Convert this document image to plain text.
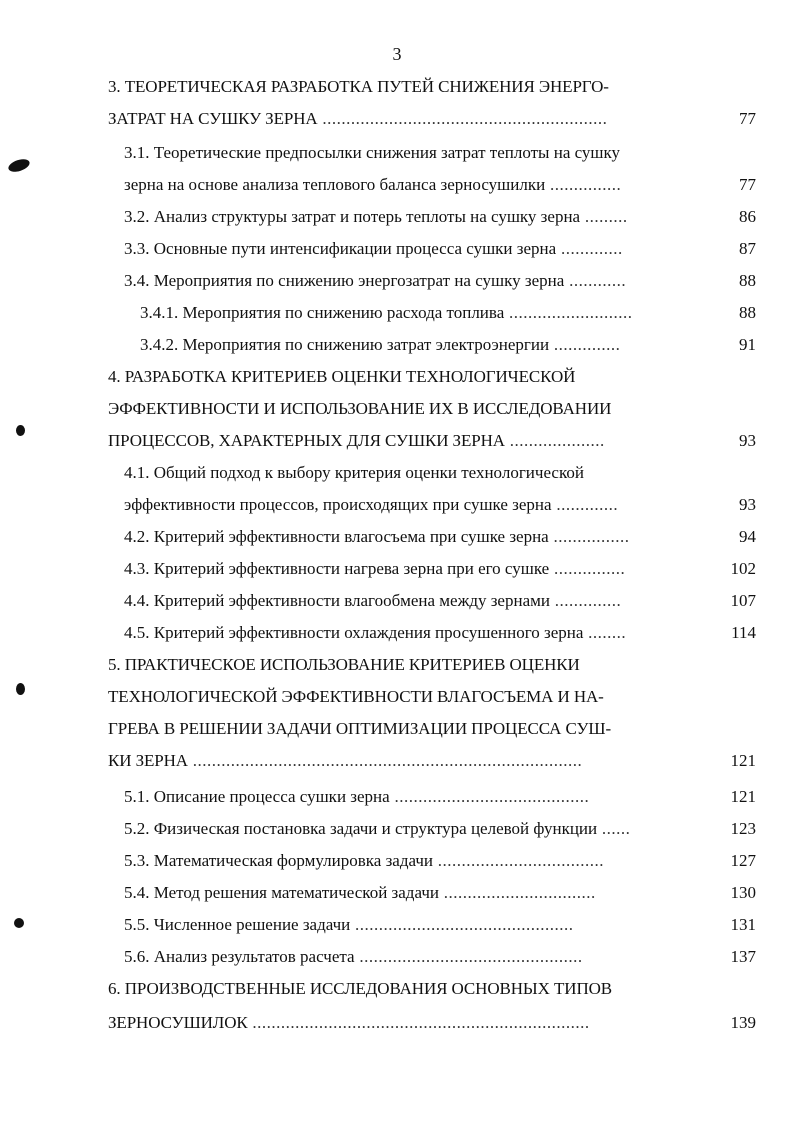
3
3. ТЕОРЕТИЧЕСКАЯ РАЗРАБОТКА ПУТЕЙ СНИЖЕНИЯ ЭНЕРГО-
ЗАТРАТ НА СУШКУ ЗЕРНА ............................................................	77
3.1. Теоретические предпосылки снижения затрат теплоты на сушку
зерна на основе анализа теплового баланса зерносушилки ...............	77
3.2. Анализ структуры затрат и потерь теплоты на сушку зерна .........	86
3.3. Основные пути интенсификации процесса сушки зерна .............	87
3.4. Мероприятия по снижению энергозатрат на сушку зерна ............	88
3.4.1. Мероприятия по снижению расхода топлива ..........................	88
3.4.2. Мероприятия по снижению затрат электроэнергии ..............	91
4. РАЗРАБОТКА КРИТЕРИЕВ ОЦЕНКИ ТЕХНОЛОГИЧЕСКОЙ
ЭФФЕКТИВНОСТИ И ИСПОЛЬЗОВАНИЕ ИХ В ИССЛЕДОВАНИИ
ПРОЦЕССОВ, ХАРАКТЕРНЫХ ДЛЯ СУШКИ ЗЕРНА ....................	93
4.1. Общий подход к выбору критерия оценки технологической
эффективности процессов, происходящих при сушке зерна .............	93
4.2. Критерий эффективности влагосъема при сушке зерна ................	94
4.3. Критерий эффективности нагрева зерна при его сушке ...............	102
4.4. Критерий эффективности влагообмена между зернами ..............	107
4.5. Критерий эффективности охлаждения просушенного зерна ........	114
5. ПРАКТИЧЕСКОЕ ИСПОЛЬЗОВАНИЕ КРИТЕРИЕВ ОЦЕНКИ
ТЕХНОЛОГИЧЕСКОЙ ЭФФЕКТИВНОСТИ ВЛАГОСЪЕМА И НА-
ГРЕВА В РЕШЕНИИ ЗАДАЧИ ОПТИМИЗАЦИИ ПРОЦЕССА СУШ-
КИ ЗЕРНА ..................................................................................	121
5.1. Описание процесса сушки зерна .........................................	121
5.2. Физическая постановка задачи и структура целевой функции ......	123
5.3. Математическая формулировка задачи ...................................	127
5.4. Метод решения математической задачи ................................	130
5.5. Численное решение задачи ..............................................	131
5.6. Анализ результатов расчета ...............................................	137
6. ПРОИЗВОДСТВЕННЫЕ ИССЛЕДОВАНИЯ ОСНОВНЫХ ТИПОВ
ЗЕРНОСУШИЛОК .......................................................................	139
